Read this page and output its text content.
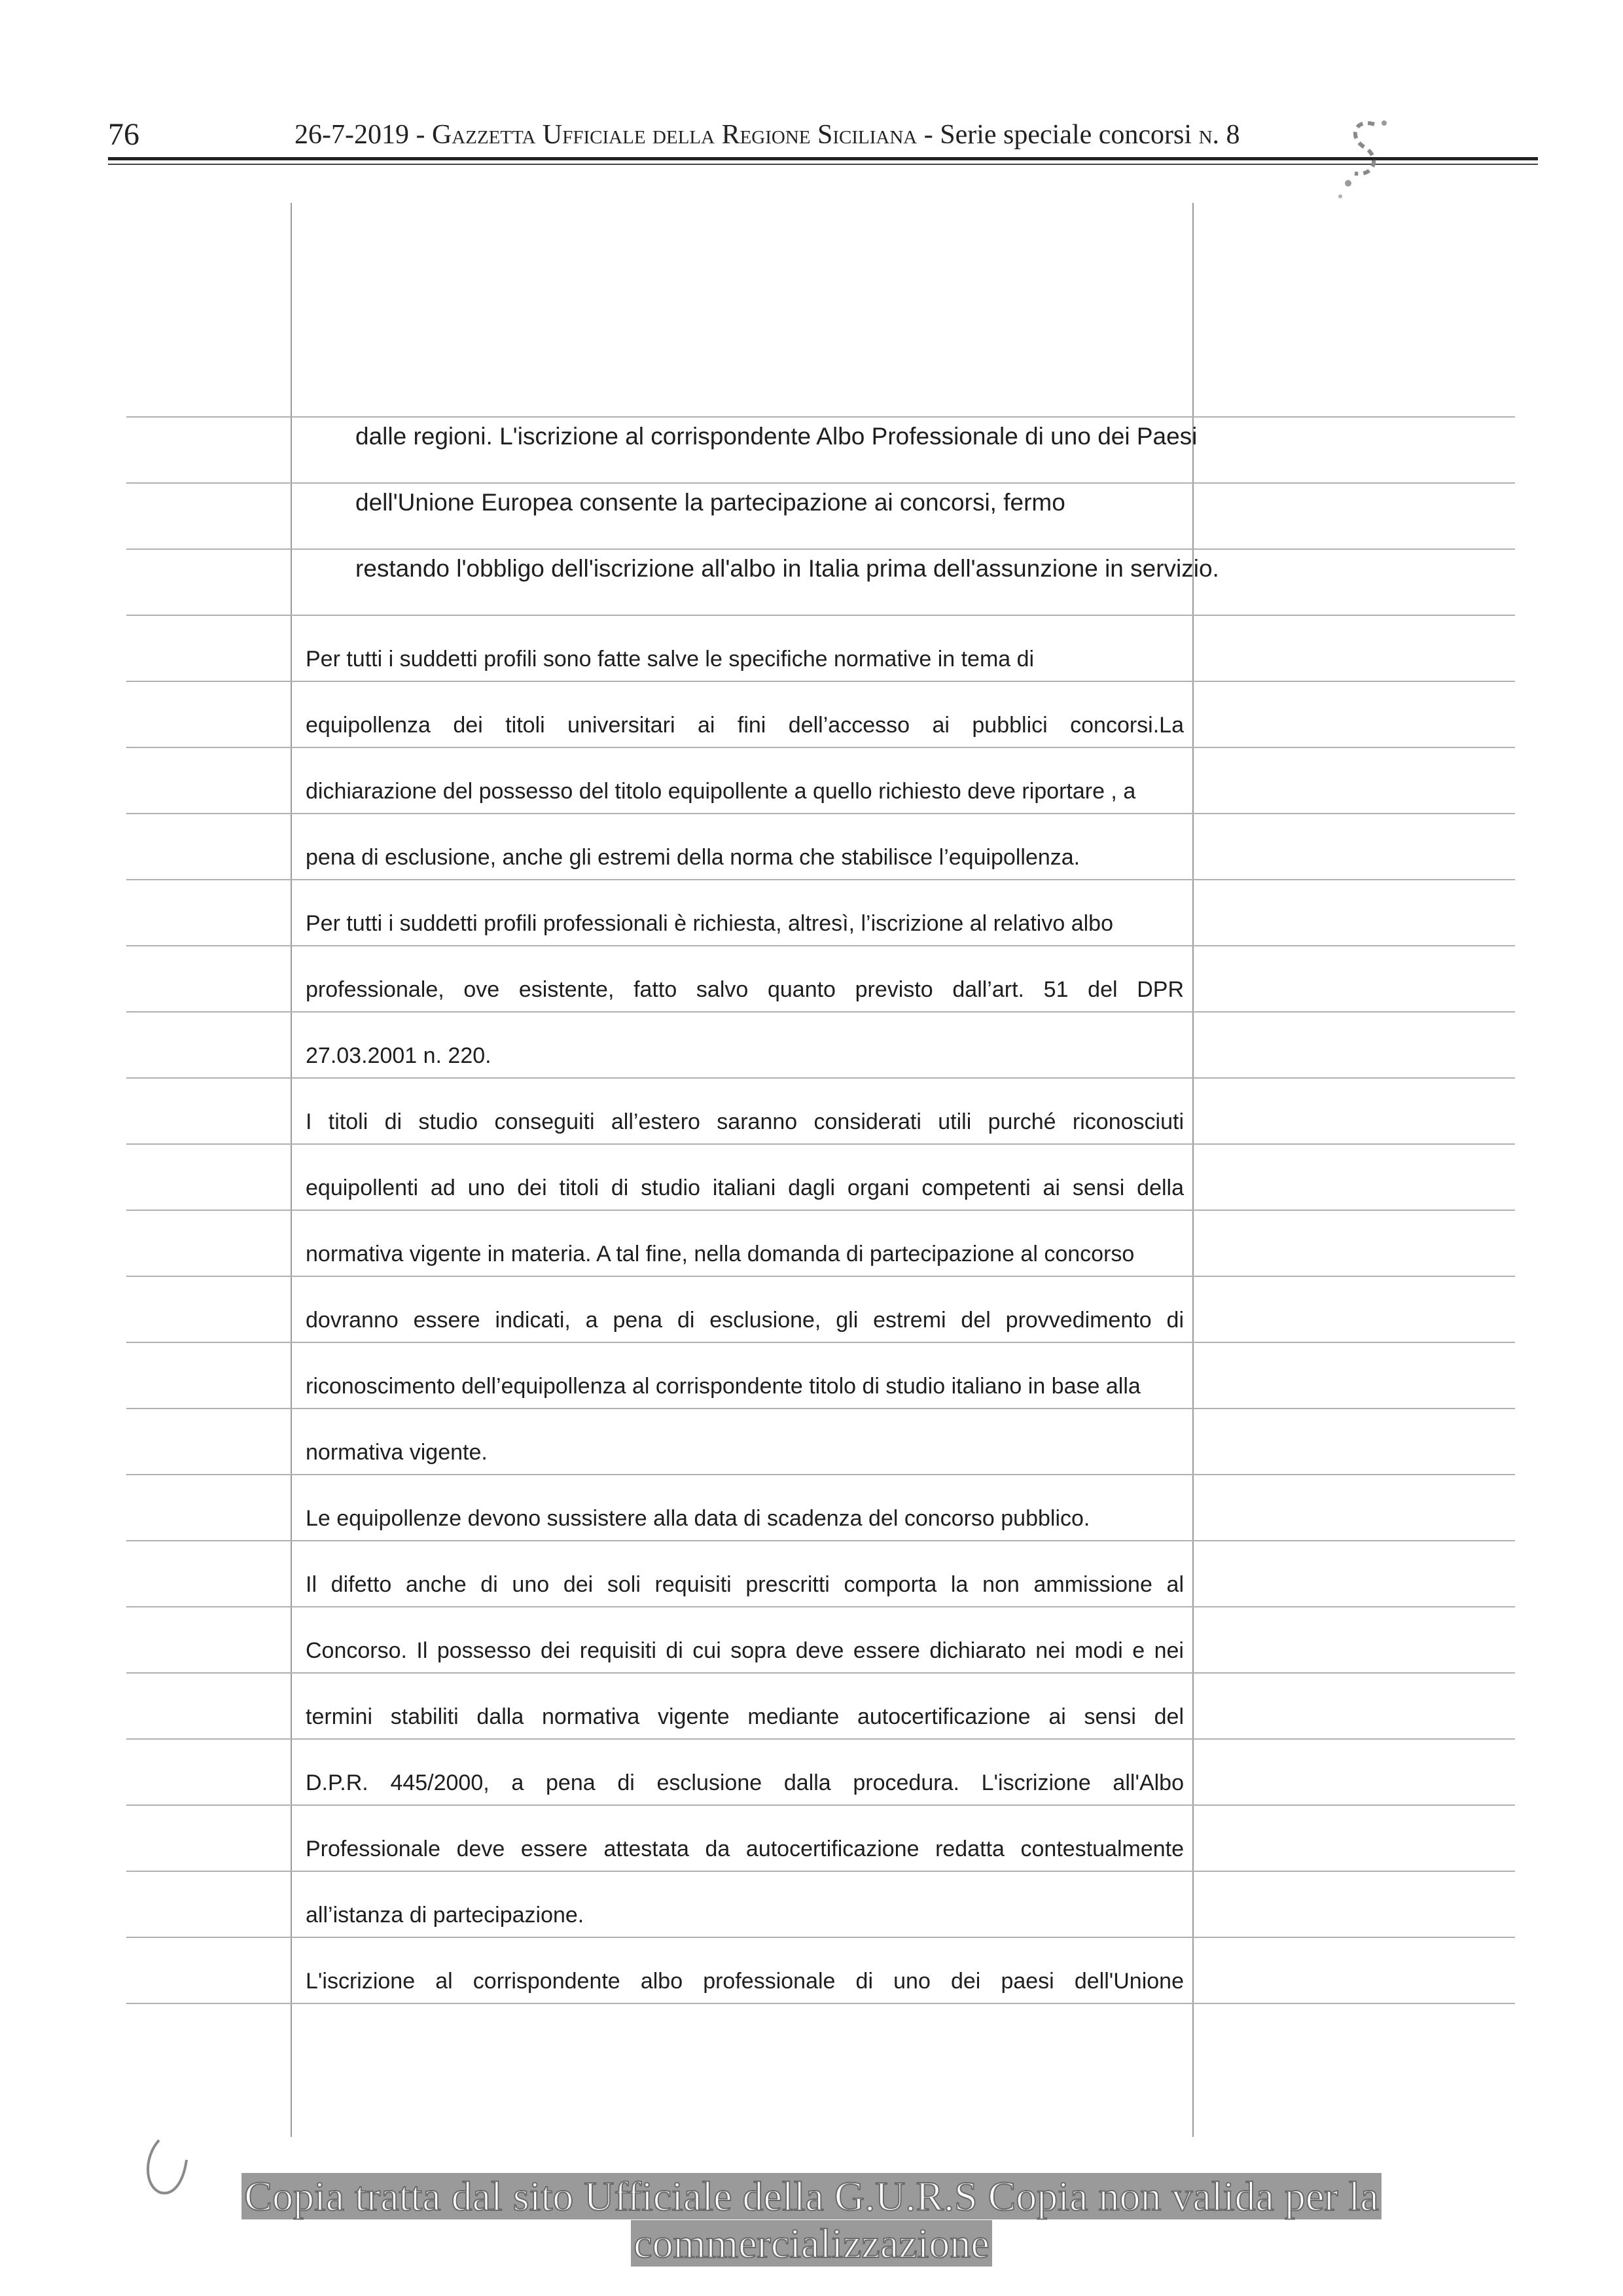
76	26-7-2019 - Gazzetta Ufficiale della Regione Siciliana - Serie speciale concorsi n. 8
dalle regioni. L'iscrizione al corrispondente Albo Professionale di uno dei Paesi
dell'Unione Europea consente la partecipazione ai concorsi, fermo
restando l'obbligo dell'iscrizione all'albo in Italia prima dell'assunzione in servizio.
Per tutti i suddetti profili sono fatte salve le specifiche normative in tema di
equipollenza dei titoli universitari ai fini dell’accesso ai pubblici concorsi.La
dichiarazione del possesso del titolo equipollente a quello richiesto deve riportare , a
pena di esclusione, anche gli estremi della norma che stabilisce l’equipollenza.
Per tutti i suddetti profili professionali è richiesta, altresì, l’iscrizione al relativo albo
professionale, ove esistente, fatto salvo quanto previsto dall’art. 51 del DPR
27.03.2001 n. 220.
I titoli di studio conseguiti all’estero saranno considerati utili purché riconosciuti
equipollenti ad uno dei titoli di studio italiani dagli organi competenti ai sensi della
normativa vigente in materia. A tal fine, nella domanda di partecipazione al concorso
dovranno essere indicati, a pena di esclusione, gli estremi del provvedimento di
riconoscimento dell’equipollenza al corrispondente titolo di studio italiano in base alla
normativa vigente.
Le equipollenze devono sussistere alla data di scadenza del concorso pubblico.
Il difetto anche di uno dei soli requisiti prescritti comporta la non ammissione al
Concorso. Il possesso dei requisiti di cui sopra deve essere dichiarato nei modi e nei
termini stabiliti dalla normativa vigente mediante autocertificazione ai sensi del
D.P.R. 445/2000, a pena di esclusione dalla procedura. L'iscrizione all'Albo
Professionale deve essere attestata da autocertificazione redatta contestualmente
all’istanza di partecipazione.
L'iscrizione al corrispondente albo professionale di uno dei paesi dell'Unione
Copia tratta dal sito Ufficiale della G.U.R.S Copia non valida per la
commercializzazione
